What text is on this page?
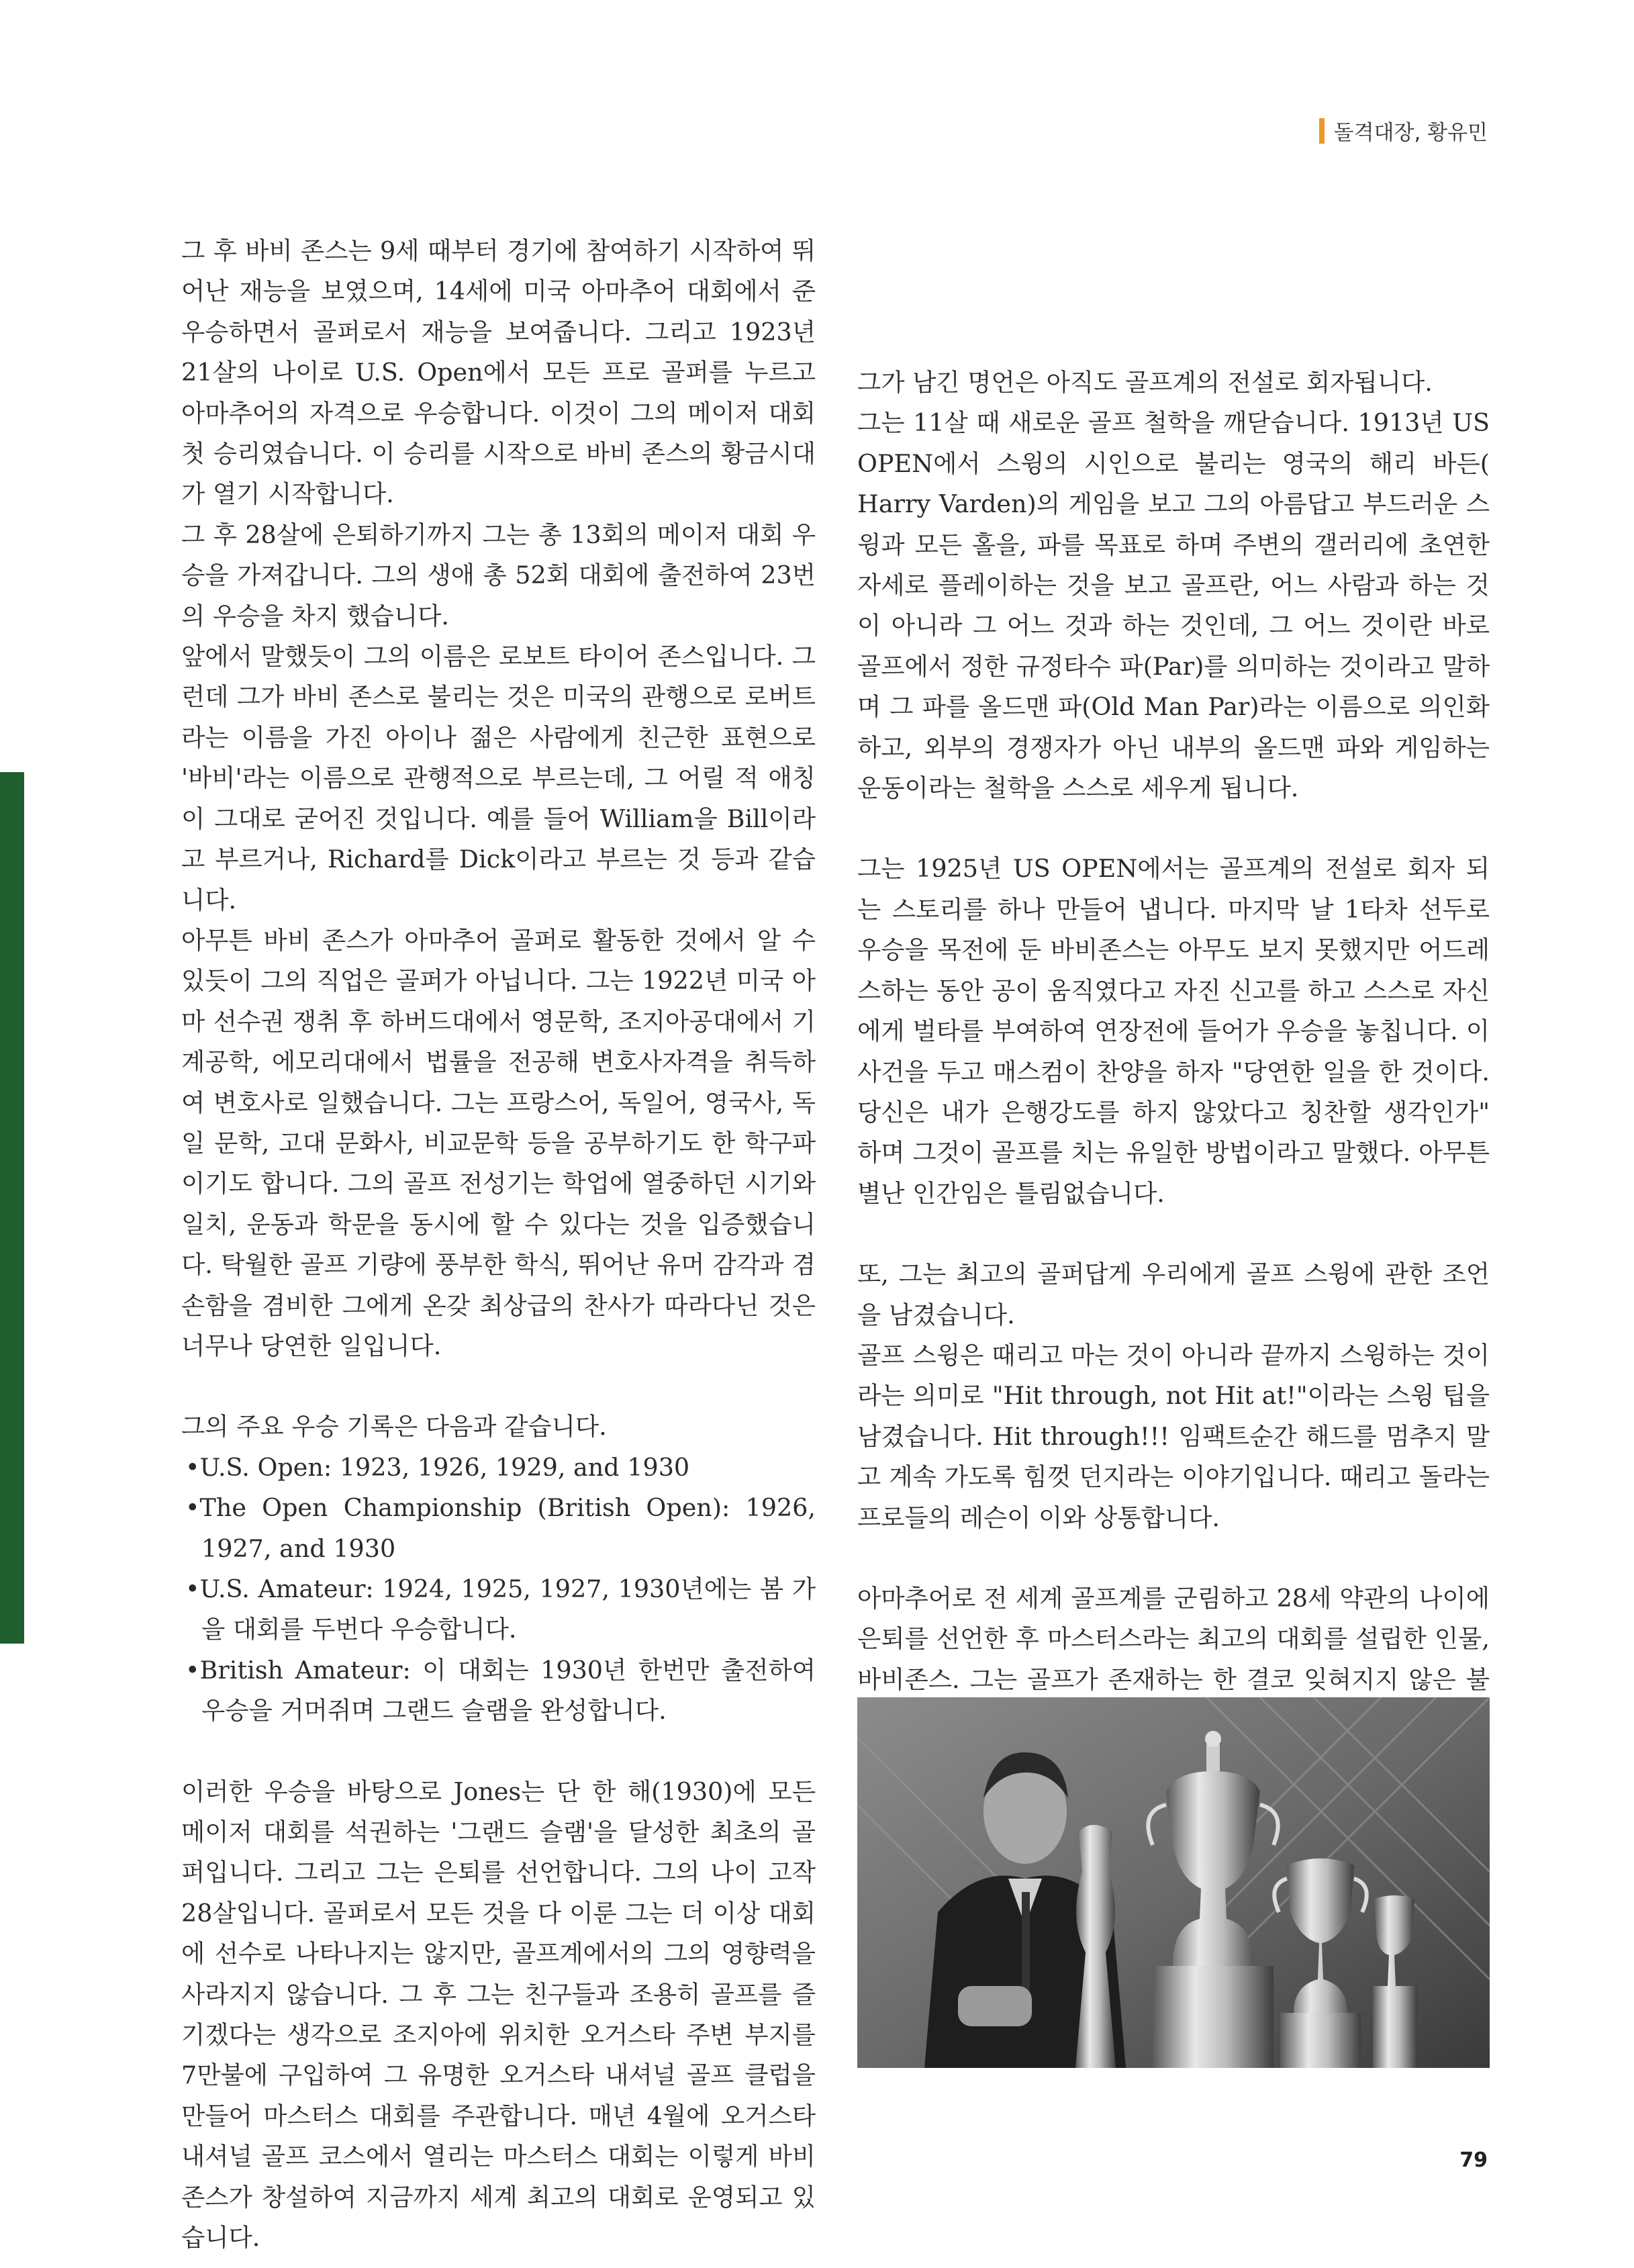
돌격대장, 황유민

그 후 바비 존스는 9세 때부터 경기에 참여하기 시작하여 뛰어난 재능을 보였으며, 14세에 미국 아마추어 대회에서 준우승하면서 골퍼로서 재능을 보여줍니다. 그리고 1923년 21살의 나이로 U.S. Open에서 모든 프로 골퍼를 누르고 아마추어의 자격으로 우승합니다. 이것이 그의 메이저 대회 첫 승리였습니다. 이 승리를 시작으로 바비 존스의 황금시대가 열기 시작합니다.

그 후 28살에 은퇴하기까지 그는 총 13회의 메이저 대회 우승을 가져갑니다. 그의 생애 총 52회 대회에 출전하여 23번의 우승을 차지 했습니다.

앞에서 말했듯이 그의 이름은 로보트 타이어 존스입니다. 그런데 그가 바비 존스로 불리는 것은 미국의 관행으로 로버트라는 이름을 가진 아이나 젊은 사람에게 친근한 표현으로 '바비'라는 이름으로 관행적으로 부르는데, 그 어릴 적 애칭이 그대로 굳어진 것입니다. 예를 들어 William을 Bill이라고 부르거나, Richard를 Dick이라고 부르는 것 등과 같습니다.

아무튼 바비 존스가 아마추어 골퍼로 활동한 것에서 알 수 있듯이 그의 직업은 골퍼가 아닙니다. 그는 1922년 미국 아마 선수권 쟁취 후 하버드대에서 영문학, 조지아공대에서 기계공학, 에모리대에서 법률을 전공해 변호사자격을 취득하여 변호사로 일했습니다. 그는 프랑스어, 독일어, 영국사, 독일 문학, 고대 문화사, 비교문학 등을 공부하기도 한 학구파이기도 합니다. 그의 골프 전성기는 학업에 열중하던 시기와 일치, 운동과 학문을 동시에 할 수 있다는 것을 입증했습니다. 탁월한 골프 기량에 풍부한 학식, 뛰어난 유머 감각과 겸손함을 겸비한 그에게 온갖 최상급의 찬사가 따라다닌 것은 너무나 당연한 일입니다.

그의 주요 우승 기록은 다음과 같습니다.

•U.S. Open: 1923, 1926, 1929, and 1930

•The Open Championship (British Open): 1926, 1927, and 1930

•U.S. Amateur: 1924, 1925, 1927, 1930년에는 봄 가을 대회를 두번다 우승합니다.

•British Amateur: 이 대회는 1930년 한번만 출전하여 우승을 거머쥐며 그랜드 슬램을 완성합니다.

이러한 우승을 바탕으로 Jones는 단 한 해(1930)에 모든 메이저 대회를 석권하는 '그랜드 슬램'을 달성한 최초의 골퍼입니다. 그리고 그는 은퇴를 선언합니다. 그의 나이 고작 28살입니다. 골퍼로서 모든 것을 다 이룬 그는 더 이상 대회에 선수로 나타나지는 않지만, 골프계에서의 그의 영향력을 사라지지 않습니다. 그 후 그는 친구들과 조용히 골프를 즐기겠다는 생각으로 조지아에 위치한 오거스타 주변 부지를 7만불에 구입하여 그 유명한 오거스타 내셔널 골프 클럽을 만들어 마스터스 대회를 주관합니다. 매년 4월에 오거스타 내셔널 골프 코스에서 열리는 마스터스 대회는 이렇게 바비존스가 창설하여 지금까지 세계 최고의 대회로 운영되고 있습니다.

그가 남긴 명언은 아직도 골프계의 전설로 회자됩니다.

그는 11살 때 새로운 골프 철학을 깨닫습니다. 1913년 US OPEN에서 스윙의 시인으로 불리는 영국의 해리 바든( Harry Varden)의 게임을 보고 그의 아름답고 부드러운 스윙과 모든 홀을, 파를 목표로 하며 주변의 갤러리에 초연한 자세로 플레이하는 것을 보고 골프란, 어느 사람과 하는 것이 아니라 그 어느 것과 하는 것인데, 그 어느 것이란 바로 골프에서 정한 규정타수 파(Par)를 의미하는 것이라고 말하며 그 파를 올드맨 파(Old Man Par)라는 이름으로 의인화하고, 외부의 경쟁자가 아닌 내부의 올드맨 파와 게임하는 운동이라는 철학을 스스로 세우게 됩니다.

그는 1925년 US OPEN에서는 골프계의 전설로 회자 되는 스토리를 하나 만들어 냅니다. 마지막 날 1타차 선두로 우승을 목전에 둔 바비존스는 아무도 보지 못했지만 어드레스하는 동안 공이 움직였다고 자진 신고를 하고 스스로 자신에게 벌타를 부여하여 연장전에 들어가 우승을 놓칩니다. 이 사건을 두고 매스컴이 찬양을 하자 "당연한 일을 한 것이다. 당신은 내가 은행강도를 하지 않았다고 칭찬할 생각인가" 하며 그것이 골프를 치는 유일한 방법이라고 말했다. 아무튼 별난 인간임은 틀림없습니다.

또, 그는 최고의 골퍼답게 우리에게 골프 스윙에 관한 조언을 남겼습니다.

골프 스윙은 때리고 마는 것이 아니라 끝까지 스윙하는 것이라는 의미로 "Hit through, not Hit at!"이라는 스윙 팁을 남겼습니다. Hit through!!! 임팩트순간 해드를 멈추지 말고 계속 가도록 힘껏 던지라는 이야기입니다. 때리고 돌라는 프로들의 레슨이 이와 상통합니다.

아마추어로 전 세계 골프계를 군림하고 28세 약관의 나이에 은퇴를 선언한 후 마스터스라는 최고의 대회를 설립한 인물, 바비존스. 그는 골프가 존재하는 한 결코 잊혀지지 않은 불

79
